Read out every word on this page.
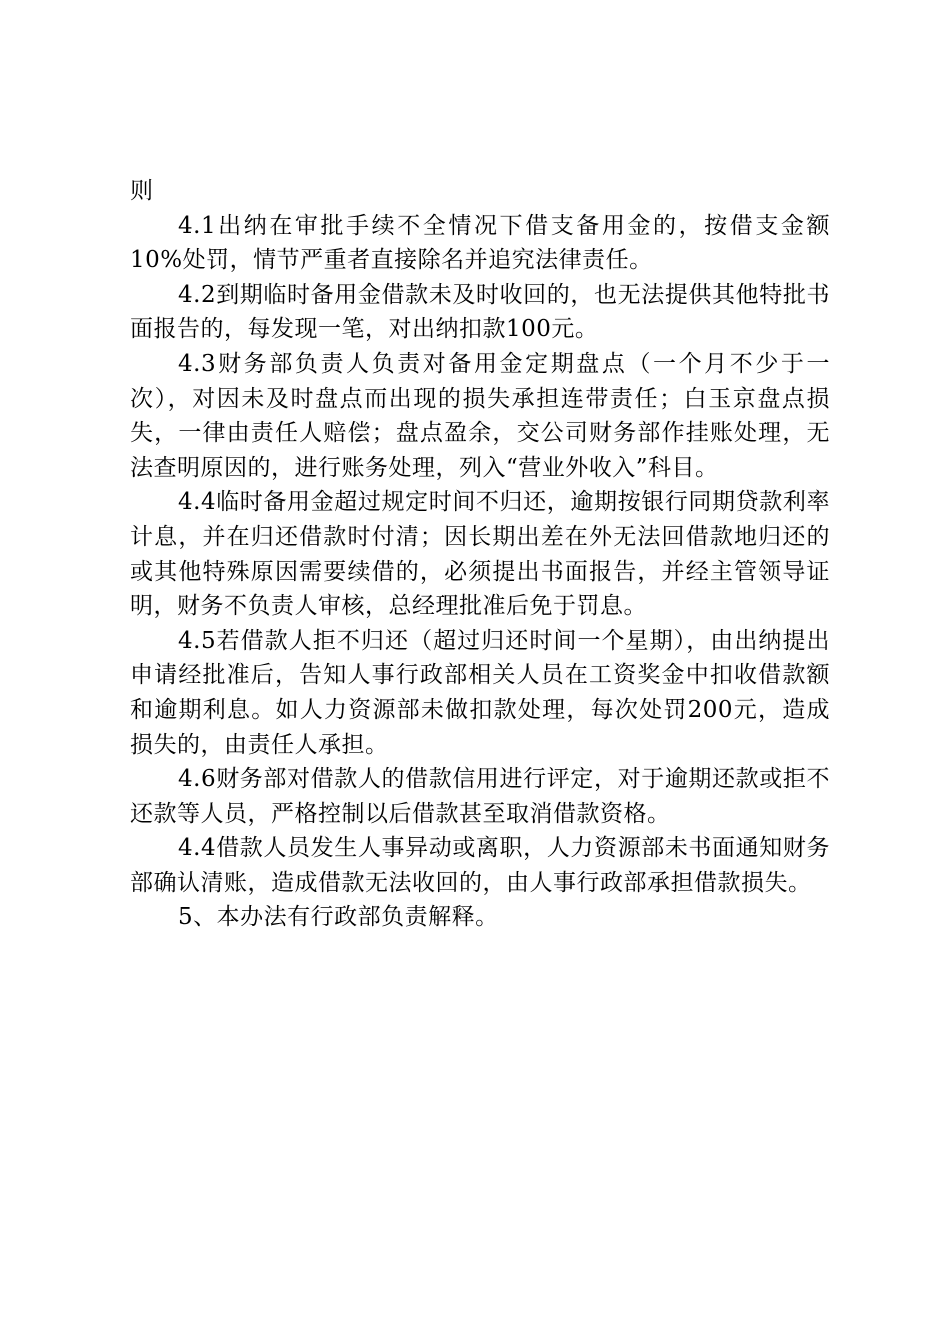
则

4.1出纳在审批手续不全情况下借支备用金的，按借支金额10%处罚，情节严重者直接除名并追究法律责任。

4.2到期临时备用金借款未及时收回的，也无法提供其他特批书面报告的，每发现一笔，对出纳扣款100元。

4.3财务部负责人负责对备用金定期盘点（一个月不少于一次），对因未及时盘点而出现的损失承担连带责任；白玉京盘点损失，一律由责任人赔偿；盘点盈余，交公司财务部作挂账处理，无法查明原因的，进行账务处理，列入“营业外收入”科目。

4.4临时备用金超过规定时间不归还，逾期按银行同期贷款利率计息，并在归还借款时付清；因长期出差在外无法回借款地归还的或其他特殊原因需要续借的，必须提出书面报告，并经主管领导证明，财务不负责人审核，总经理批准后免于罚息。

4.5若借款人拒不归还（超过归还时间一个星期），由出纳提出申请经批准后，告知人事行政部相关人员在工资奖金中扣收借款额和逾期利息。如人力资源部未做扣款处理，每次处罚200元，造成损失的，由责任人承担。

4.6财务部对借款人的借款信用进行评定，对于逾期还款或拒不还款等人员，严格控制以后借款甚至取消借款资格。

4.4借款人员发生人事异动或离职，人力资源部未书面通知财务部确认清账，造成借款无法收回的，由人事行政部承担借款损失。

5、本办法有行政部负责解释。
